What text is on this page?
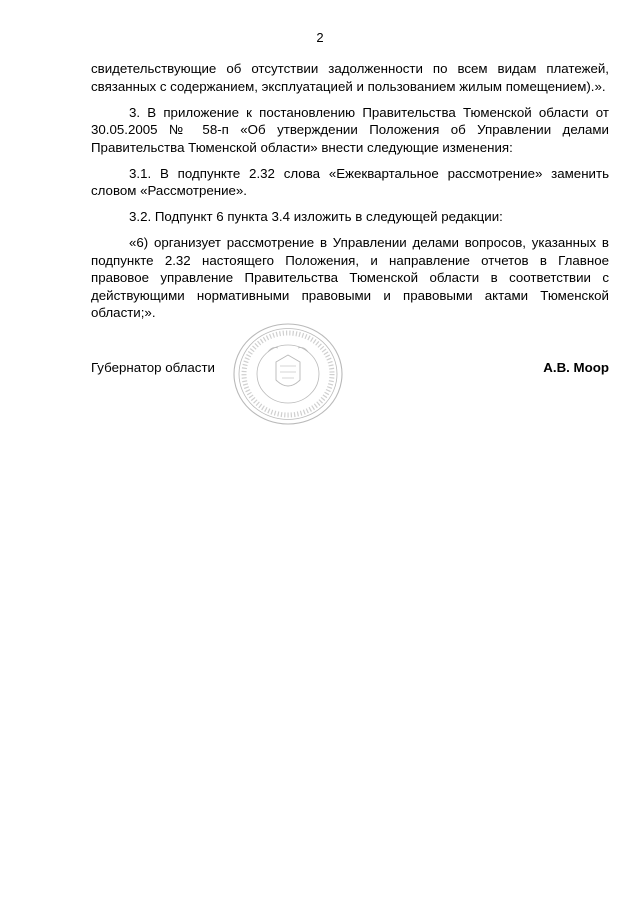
2

свидетельствующие об отсутствии задолженности по всем видам платежей, связанных с содержанием, эксплуатацией и пользованием жилым помещением).».

3. В приложение к постановлению Правительства Тюменской области от 30.05.2005 № 58-п «Об утверждении Положения об Управлении делами Правительства Тюменской области» внести следующие изменения:

3.1. В подпункте 2.32 слова «Ежеквартальное рассмотрение» заменить словом «Рассмотрение».

3.2. Подпункт 6 пункта 3.4 изложить в следующей редакции:

«6) организует рассмотрение в Управлении делами вопросов, указанных в подпункте 2.32 настоящего Положения, и направление отчетов в Главное правовое управление Правительства Тюменской области в соответствии с действующими нормативными правовыми и правовыми актами Тюменской области;».

Губернатор области	А.В. Моор
